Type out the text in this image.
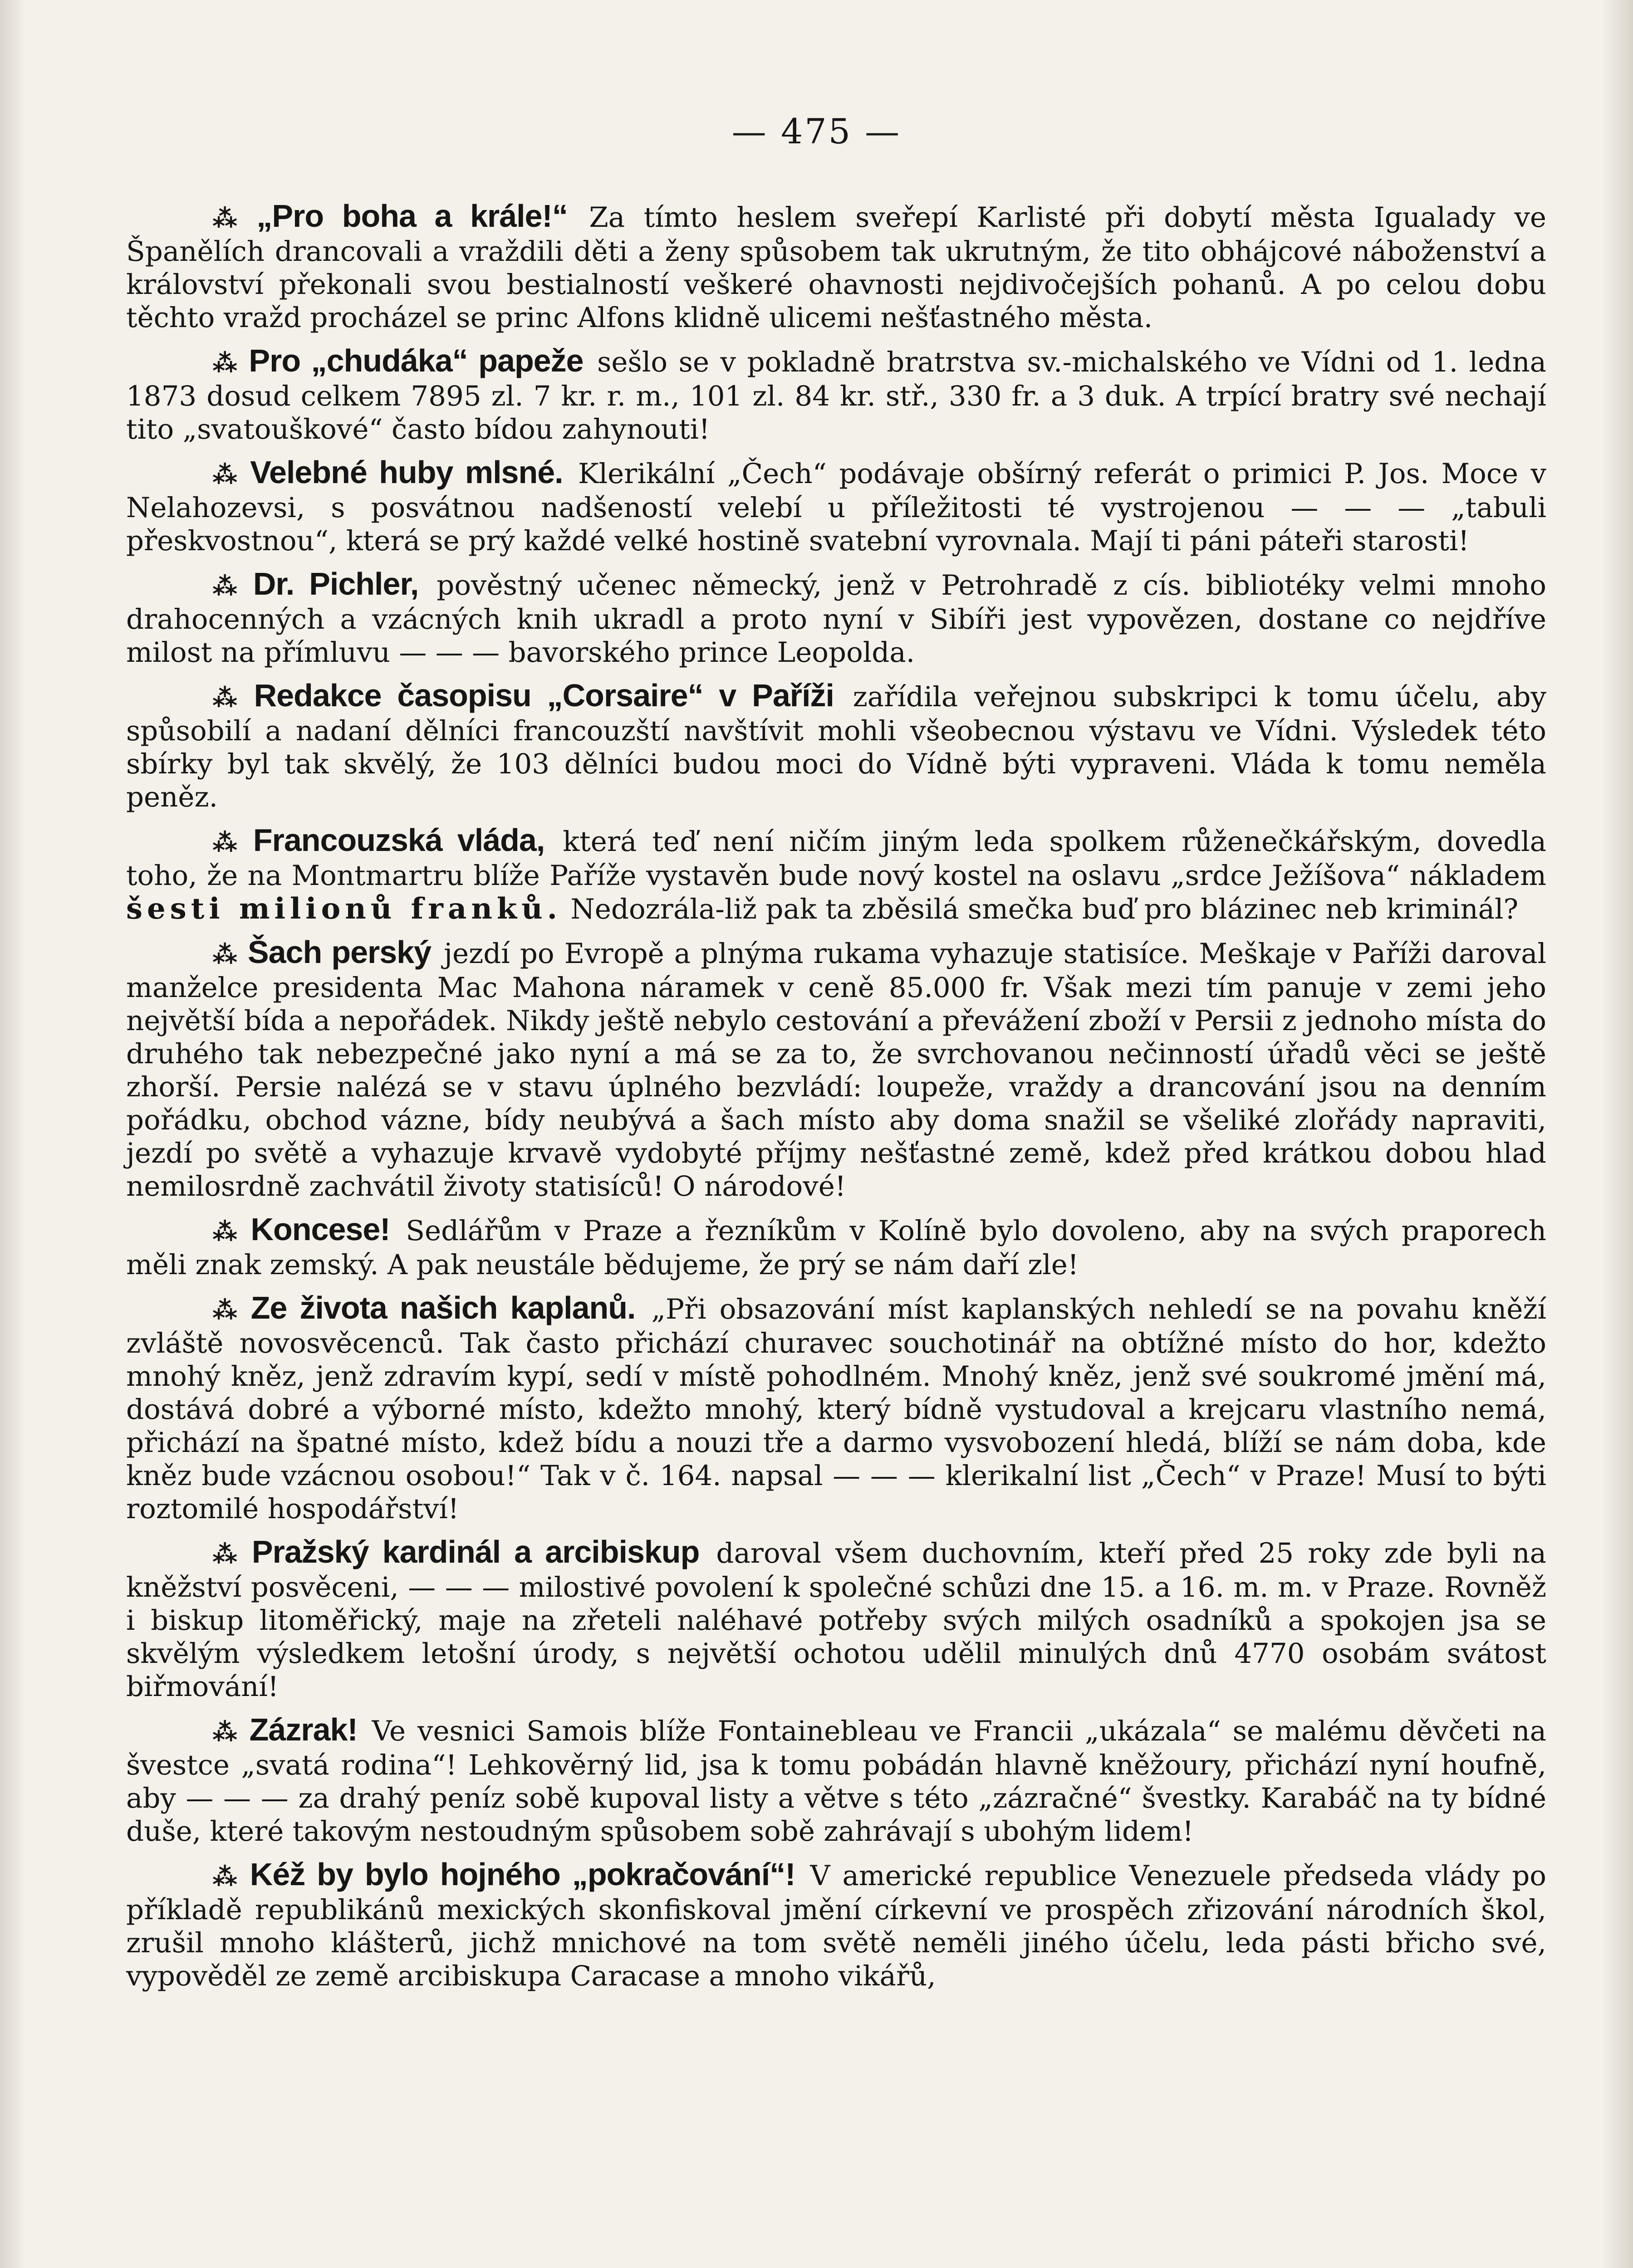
— 475 —

⁂ „Pro boha a krále!“ Za tímto heslem sveřepí Karlisté při dobytí města Igualady ve Španělích drancovali a vraždili děti a ženy spůsobem tak ukrutným, že tito obhájcové náboženství a království překonali svou bestialností veškeré ohavnosti nejdivočejších pohanů. A po celou dobu těchto vražd procházel se princ Alfons klidně ulicemi nešťastného města.

⁂ Pro „chudáka“ papeže sešlo se v pokladně bratrstva sv.-michalského ve Vídni od 1. ledna 1873 dosud celkem 7895 zl. 7 kr. r. m., 101 zl. 84 kr. stř., 330 fr. a 3 duk. A trpící bratry své nechají tito „svatouškové“ často bídou zahynouti!

⁂ Velebné huby mlsné. Klerikální „Čech“ podávaje obšírný referát o primici P. Jos. Moce v Nelahozevsi, s posvátnou nadšeností velebí u příležitosti té vystrojenou — — — „tabuli přeskvostnou“, která se prý každé velké hostině svatební vyrovnala. Mají ti páni páteři starosti!

⁂ Dr. Pichler, pověstný učenec německý, jenž v Petrohradě z cís. bibliotéky velmi mnoho drahocenných a vzácných knih ukradl a proto nyní v Sibíři jest vypovězen, dostane co nejdříve milost na přímluvu — — — bavorského prince Leopolda.

⁂ Redakce časopisu „Corsaire“ v Paříži zařídila veřejnou subskripci k tomu účelu, aby spůsobilí a nadaní dělníci francouzští navštívit mohli všeobecnou výstavu ve Vídni. Výsledek této sbírky byl tak skvělý, že 103 dělníci budou moci do Vídně býti vypraveni. Vláda k tomu neměla peněz.

⁂ Francouzská vláda, která teď není ničím jiným leda spolkem růženečkářským, dovedla toho, že na Montmartru blíže Paříže vystavěn bude nový kostel na oslavu „srdce Ježíšova“ nákladem šesti milionů franků. Nedozrála-liž pak ta zběsilá smečka buď pro blázinec neb kriminál?

⁂ Šach perský jezdí po Evropě a plnýma rukama vyhazuje statisíce. Meškaje v Paříži daroval manželce presidenta Mac Mahona náramek v ceně 85.000 fr. Však mezi tím panuje v zemi jeho největší bída a nepořádek. Nikdy ještě nebylo cestování a převážení zboží v Persii z jednoho místa do druhého tak nebezpečné jako nyní a má se za to, že svrchovanou nečinností úřadů věci se ještě zhorší. Persie nalézá se v stavu úplného bezvládí: loupeže, vraždy a drancování jsou na denním pořádku, obchod vázne, bídy neubývá a šach místo aby doma snažil se všeliké zlořády napraviti, jezdí po světě a vyhazuje krvavě vydobyté příjmy nešťastné země, kdež před krátkou dobou hlad nemilosrdně zachvátil životy statisíců! O národové!

⁂ Koncese! Sedlářům v Praze a řezníkům v Kolíně bylo dovoleno, aby na svých praporech měli znak zemský. A pak neustále bědujeme, že prý se nám daří zle!

⁂ Ze života našich kaplanů. „Při obsazování míst kaplanských nehledí se na povahu kněží zvláště novosvěcenců. Tak často přichází churavec souchotinář na obtížné místo do hor, kdežto mnohý kněz, jenž zdravím kypí, sedí v místě pohodlném. Mnohý kněz, jenž své soukromé jmění má, dostává dobré a výborné místo, kdežto mnohý, který bídně vystudoval a krejcaru vlastního nemá, přichází na špatné místo, kdež bídu a nouzi tře a darmo vysvobození hledá, blíží se nám doba, kde kněz bude vzácnou osobou!“ Tak v č. 164. napsal — — — klerikalní list „Čech“ v Praze! Musí to býti roztomilé hospodářství!

⁂ Pražský kardinál a arcibiskup daroval všem duchovním, kteří před 25 roky zde byli na kněžství posvěceni, — — — milostivé povolení k společné schůzi dne 15. a 16. m. m. v Praze. Rovněž i biskup litoměřický, maje na zřeteli naléhavé potřeby svých milých osadníků a spokojen jsa se skvělým výsledkem letošní úrody, s největší ochotou udělil minulých dnů 4770 osobám svátost biřmování!

⁂ Zázrak! Ve vesnici Samois blíže Fontainebleau ve Francii „ukázala“ se malému děvčeti na švestce „svatá rodina“! Lehkověrný lid, jsa k tomu pobádán hlavně kněžoury, přichází nyní houfně, aby — — — za drahý peníz sobě kupoval listy a větve s této „zázračné“ švestky. Karabáč na ty bídné duše, které takovým nestoudným spůsobem sobě zahrávají s ubohým lidem!

⁂ Kéž by bylo hojného „pokračování“! V americké republice Venezuele předseda vlády po příkladě republikánů mexických skonfiskoval jmění církevní ve prospěch zřizování národních škol, zrušil mnoho klášterů, jichž mnichové na tom světě neměli jiného účelu, leda pásti břicho své, vypověděl ze země arcibiskupa Caracase a mnoho vikářů,
